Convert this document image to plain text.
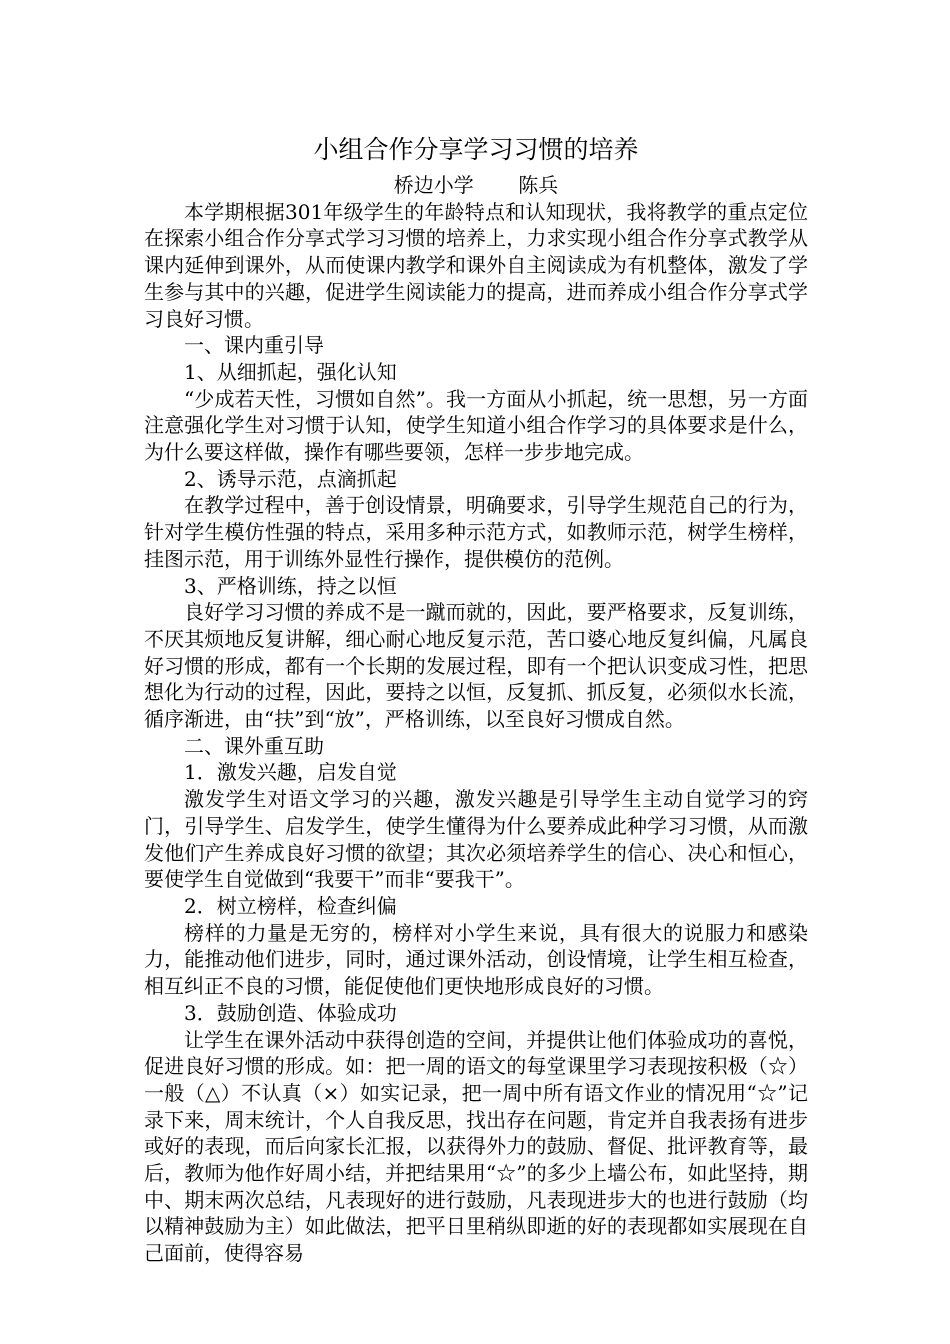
小组合作分享学习习惯的培养

桥边小学 陈兵

本学期根据301年级学生的年龄特点和认知现状，我将教学的重点定位在探索小组合作分享式学习习惯的培养上，力求实现小组合作分享式教学从课内延伸到课外，从而使课内教学和课外自主阅读成为有机整体，激发了学生参与其中的兴趣，促进学生阅读能力的提高，进而养成小组合作分享式学习良好习惯。

一、课内重引导

1、从细抓起，强化认知

“少成若天性，习惯如自然”。我一方面从小抓起，统一思想，另一方面注意强化学生对习惯于认知，使学生知道小组合作学习的具体要求是什么，为什么要这样做，操作有哪些要领，怎样一步步地完成。

2、诱导示范，点滴抓起

在教学过程中，善于创设情景，明确要求，引导学生规范自己的行为，针对学生模仿性强的特点，采用多种示范方式，如教师示范，树学生榜样，挂图示范，用于训练外显性行操作，提供模仿的范例。

3、严格训练，持之以恒

良好学习习惯的养成不是一蹴而就的，因此，要严格要求，反复训练，不厌其烦地反复讲解，细心耐心地反复示范，苦口婆心地反复纠偏，凡属良好习惯的形成，都有一个长期的发展过程，即有一个把认识变成习性，把思想化为行动的过程，因此，要持之以恒，反复抓、抓反复，必须似水长流，循序渐进，由“扶”到“放”，严格训练，以至良好习惯成自然。

二、课外重互助

1．激发兴趣，启发自觉

激发学生对语文学习的兴趣，激发兴趣是引导学生主动自觉学习的窍门，引导学生、启发学生，使学生懂得为什么要养成此种学习习惯，从而激发他们产生养成良好习惯的欲望；其次必须培养学生的信心、决心和恒心，要使学生自觉做到“我要干”而非“要我干”。

2．树立榜样，检查纠偏

榜样的力量是无穷的，榜样对小学生来说，具有很大的说服力和感染力，能推动他们进步，同时，通过课外活动，创设情境，让学生相互检查，相互纠正不良的习惯，能促使他们更快地形成良好的习惯。

3．鼓励创造、体验成功

让学生在课外活动中获得创造的空间，并提供让他们体验成功的喜悦，促进良好习惯的形成。如：把一周的语文的每堂课里学习表现按积极（☆）一般（△）不认真（×）如实记录，把一周中所有语文作业的情况用“☆”记录下来，周末统计，个人自我反思，找出存在问题，肯定并自我表扬有进步或好的表现，而后向家长汇报，以获得外力的鼓励、督促、批评教育等，最后，教师为他作好周小结，并把结果用“☆”的多少上墙公布，如此坚持，期中、期末两次总结，凡表现好的进行鼓励，凡表现进步大的也进行鼓励（均以精神鼓励为主）如此做法，把平日里稍纵即逝的好的表现都如实展现在自己面前，使得容易
